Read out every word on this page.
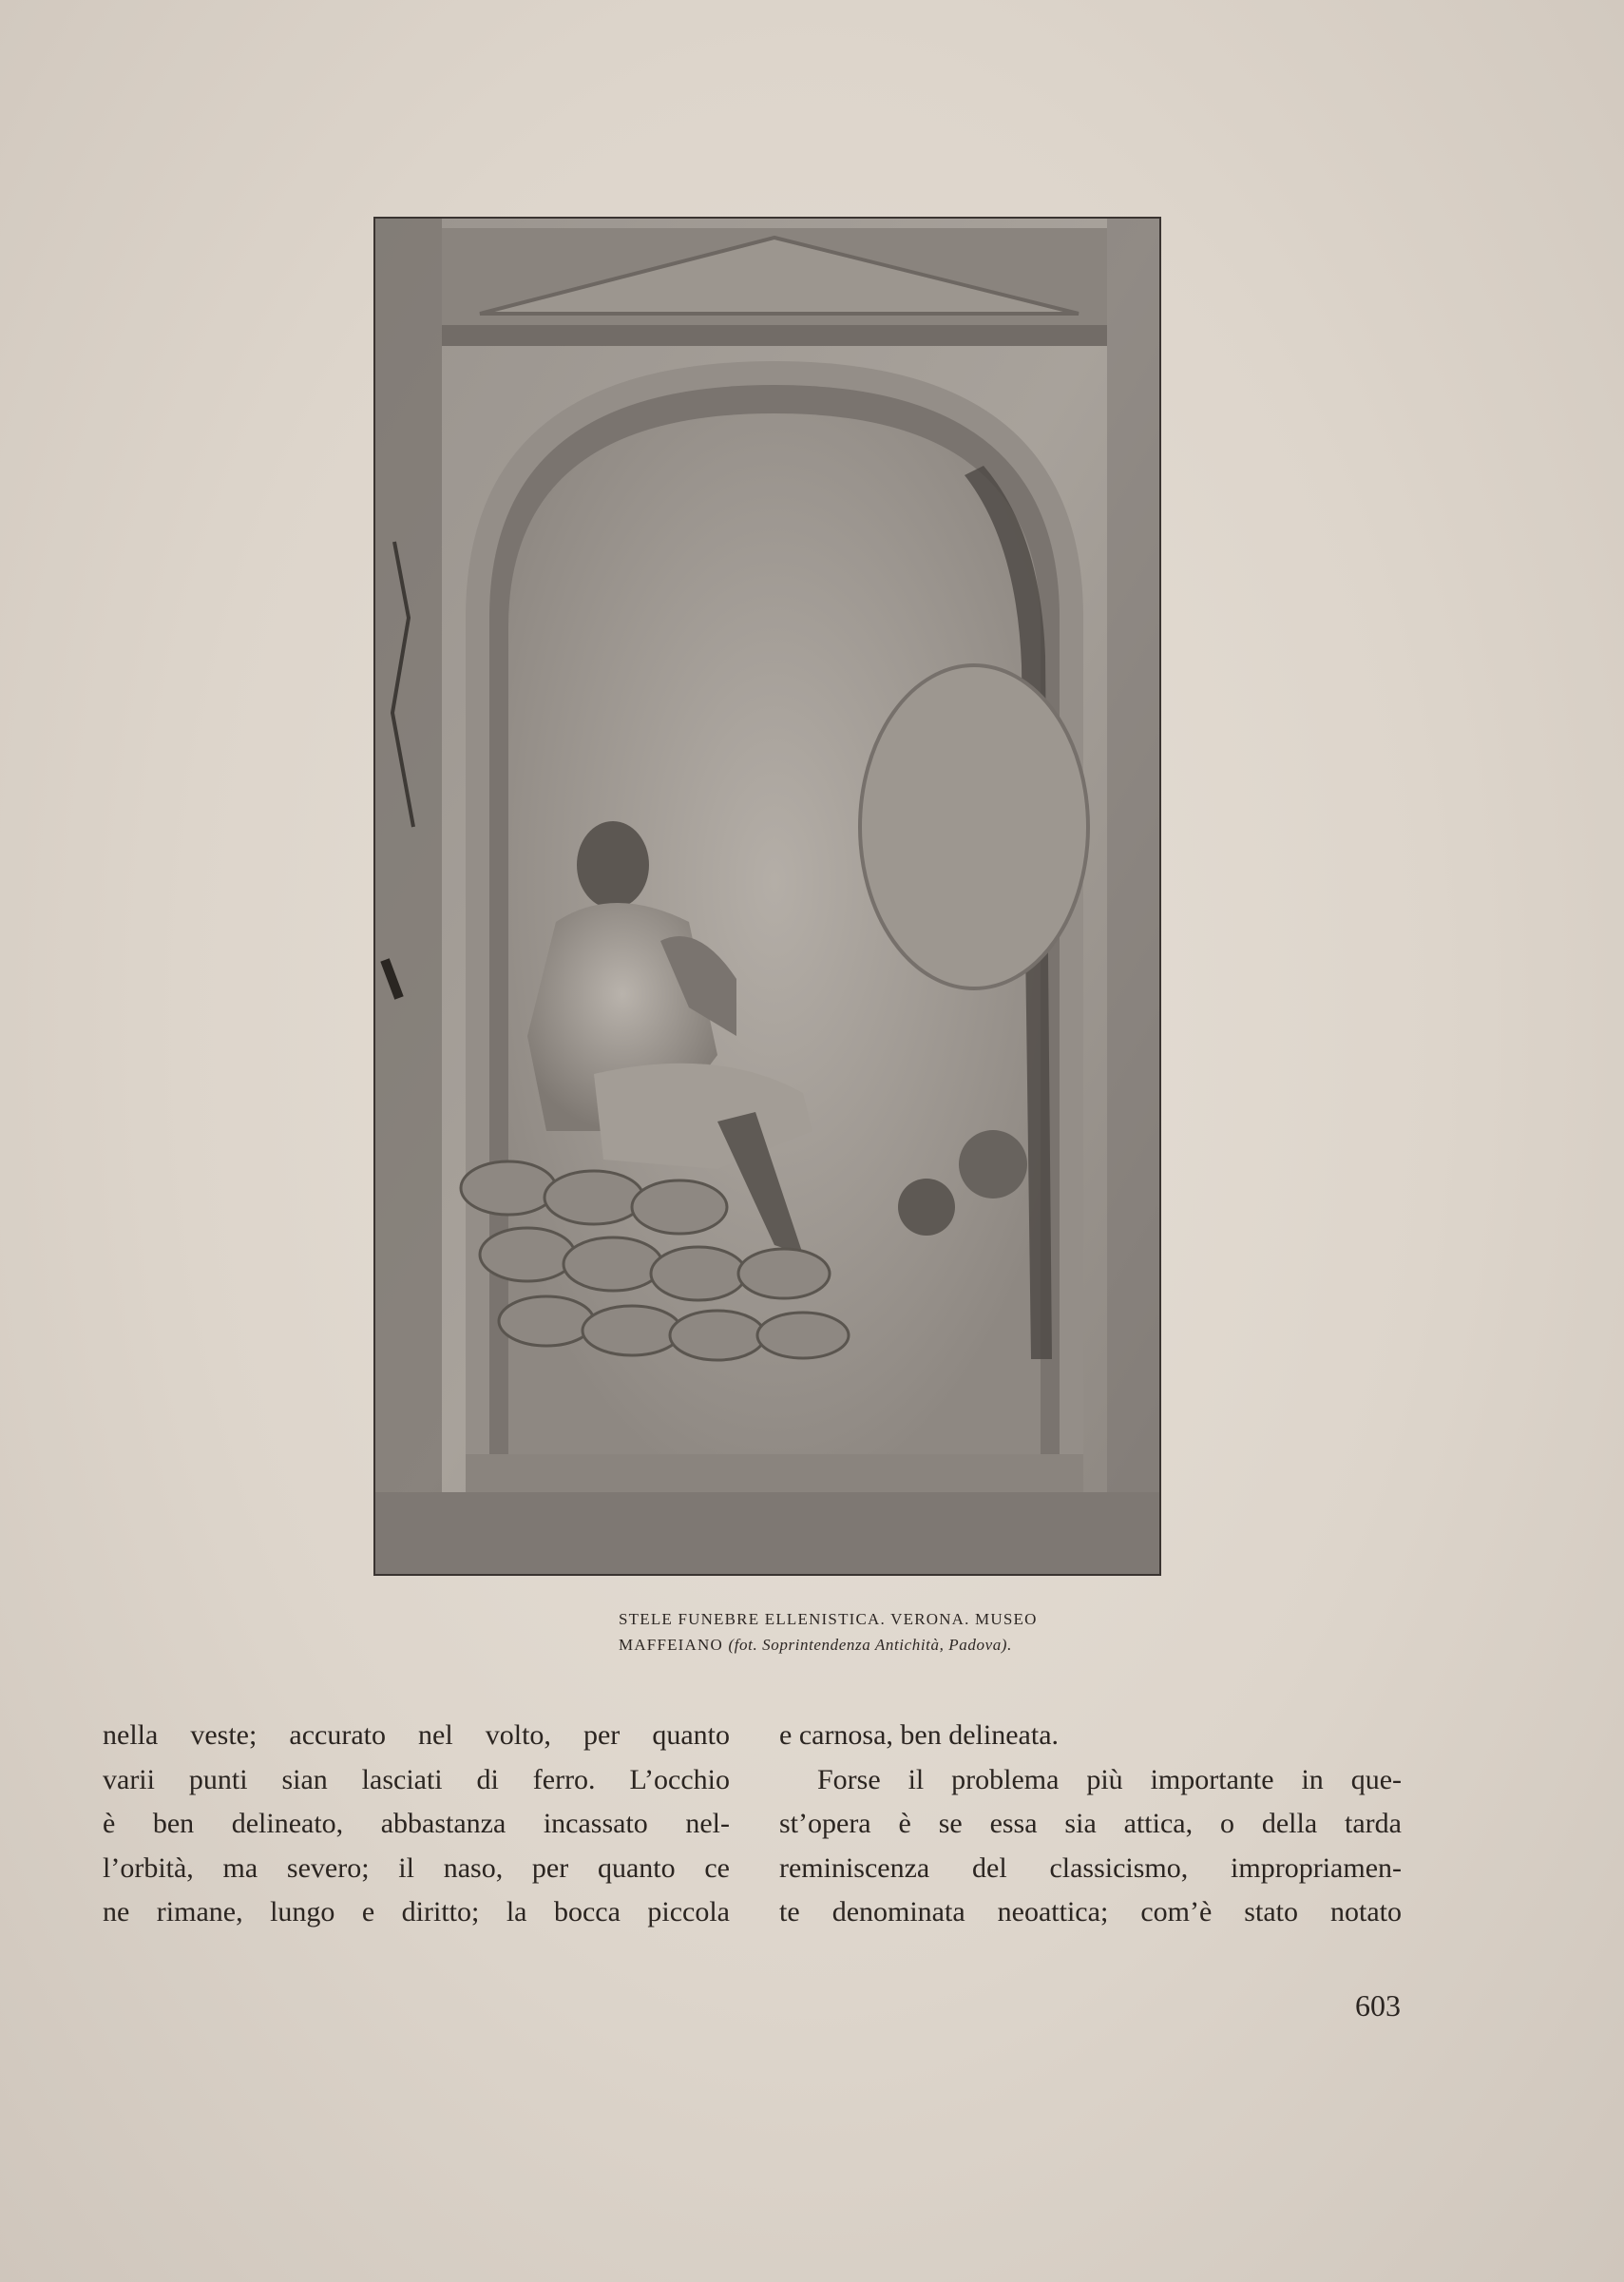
STELE FUNEBRE ELLENISTICA. VERONA. MUSEO
MAFFEIANO (fot. Soprintendenza Antichità, Padova).
nella veste; accurato nel volto, per quanto
varii punti sian lasciati di ferro. L’occhio
è ben delineato, abbastanza incassato nel-
l’orbità, ma severo; il naso, per quanto ce
ne rimane, lungo e diritto; la bocca piccola
e carnosa, ben delineata.
Forse il problema più importante in que-
st’opera è se essa sia attica, o della tarda
reminiscenza del classicismo, impropriamen-
te denominata neoattica; com’è stato notato
603
